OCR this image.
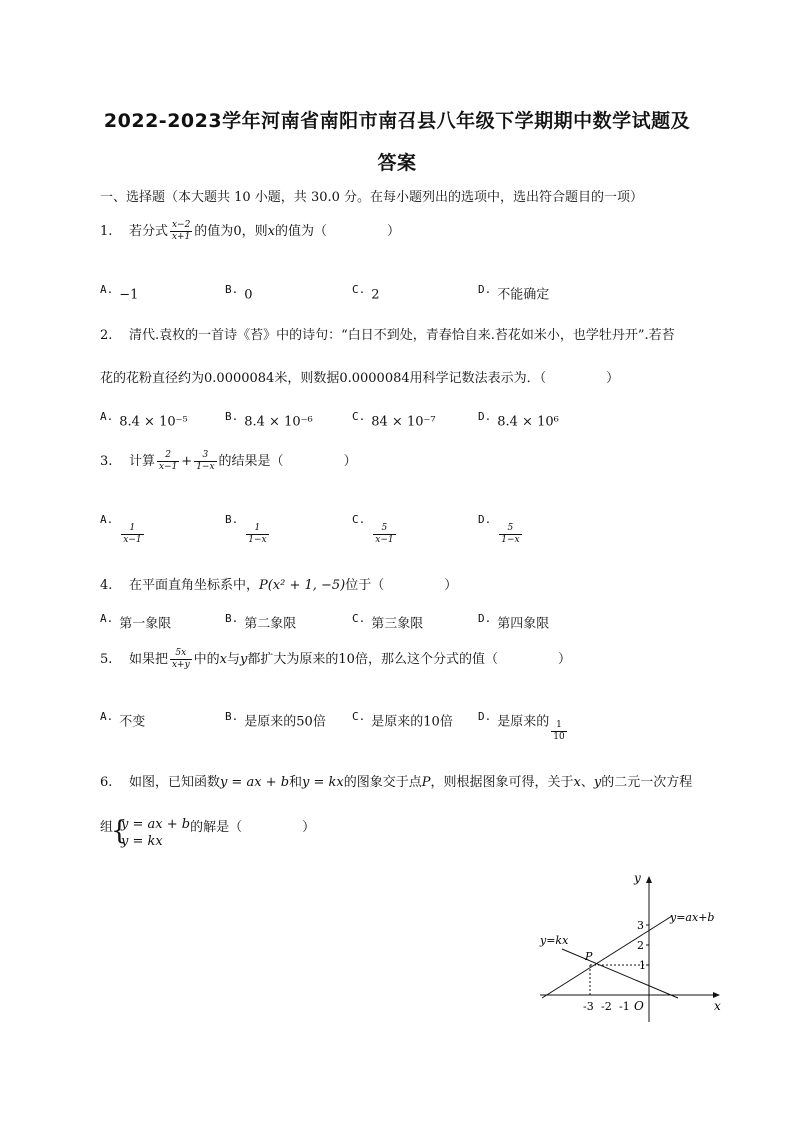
2022-2023学年河南省南阳市南召县八年级下学期期中数学试题及
答案
一、选择题（本大题共 10 小题，共 30.0 分。在每小题列出的选项中，选出符合题目的一项）
1. 若分式 $\frac{x-2}{x+1}$ 的值为0，则x的值为（	）
$^{A.}$ −1	$^{B.}$ 0	$^{C.}$ 2	$^{D.}$ 不能确定
2. 清代.袁枚的一首诗《苔》中的诗句：“白日不到处，青春恰自来.苔花如米小，也学牡丹开”.若苔
花的花粉直径约为0.0000084米，则数据0.0000084用科学记数法表示为．（	）
$^{A.}$ 8.4 × 10⁻⁵	$^{B.}$ 8.4 × 10⁻⁶	$^{C.}$ 84 × 10⁻⁷	$^{D.}$ 8.4 × 10⁶
3. 计算 $\frac{2}{x-1} + \frac{3}{1-x}$ 的结果是（	）
$^{A.}$
$\frac{1}{x-1}$
$^{B.}$
$\frac{1}{1-x}$
$^{C.}$
$\frac{5}{x-1}$
$^{D.}$
$\frac{5}{1-x}$
4. 在平面直角坐标系中，P(x² + 1, −5)位于（	）
$^{A.}$ 第一象限	$^{B.}$ 第二象限	$^{C.}$ 第三象限	$^{D.}$ 第四象限
5. 如果把 $\frac{5x}{x+y}$ 中的x与y都扩大为原来的10倍，那么这个分式的值（	）
$^{A.}$ 不变	$^{B.}$ 是原来的50倍 $^{C.}$ 是原来的10倍 $^{D.}$ 是原来的 $\frac{1}{10}$
6. 如图，已知函数y = ax + b和y = kx的图象交于点P，则根据图象可得，关于x、y的二元一次方程
组
{ y = ax + b
y = kx
的解是（	）
y
x
O
y=ax+b
y=kx
P
3
2
1
-3 -2 -1
